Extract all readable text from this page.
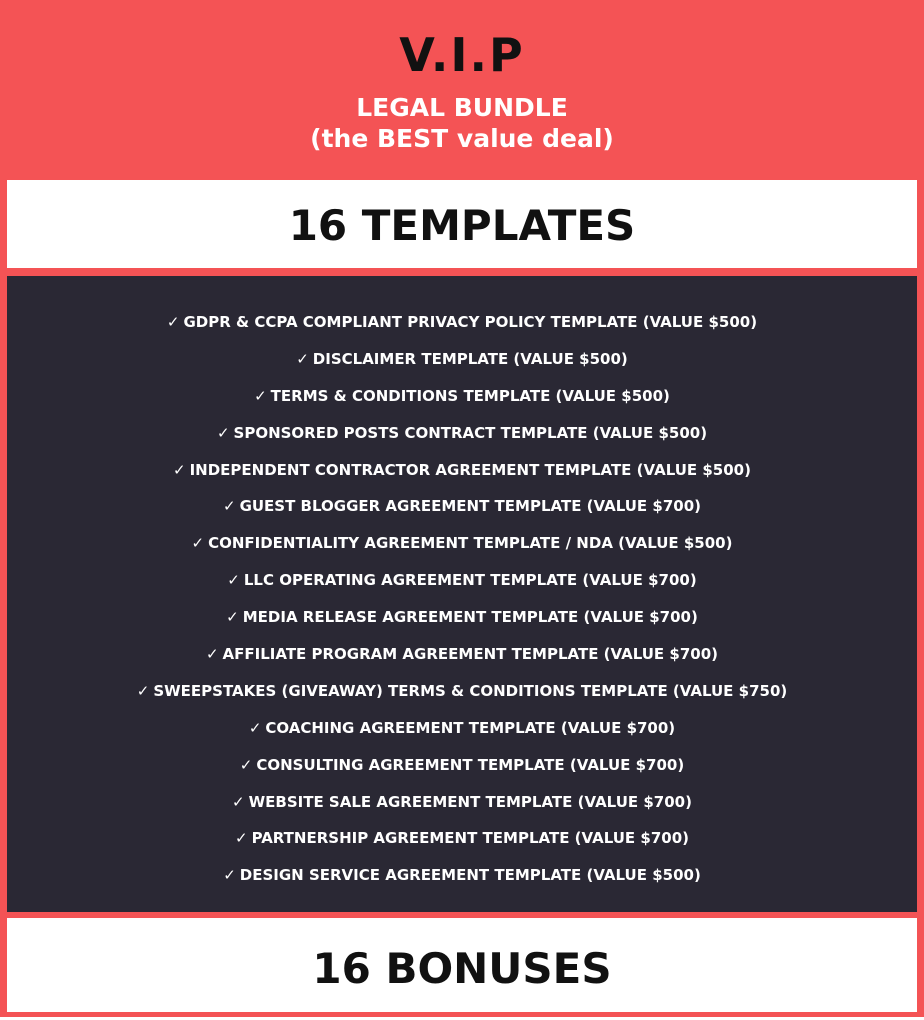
V.I.P
LEGAL BUNDLE
(the BEST value deal)
16 TEMPLATES
✓ GDPR & CCPA COMPLIANT PRIVACY POLICY TEMPLATE (VALUE $500)
✓ DISCLAIMER TEMPLATE (VALUE $500)
✓ TERMS & CONDITIONS TEMPLATE (VALUE $500)
✓ SPONSORED POSTS CONTRACT TEMPLATE (VALUE $500)
✓ INDEPENDENT CONTRACTOR AGREEMENT TEMPLATE (VALUE $500)
✓ GUEST BLOGGER AGREEMENT TEMPLATE (VALUE $700)
✓ CONFIDENTIALITY AGREEMENT TEMPLATE / NDA (VALUE $500)
✓ LLC OPERATING AGREEMENT TEMPLATE (VALUE $700)
✓ MEDIA RELEASE AGREEMENT TEMPLATE (VALUE $700)
✓ AFFILIATE PROGRAM AGREEMENT TEMPLATE (VALUE $700)
✓ SWEEPSTAKES (GIVEAWAY) TERMS & CONDITIONS TEMPLATE (VALUE $750)
✓ COACHING AGREEMENT TEMPLATE (VALUE $700)
✓ CONSULTING AGREEMENT TEMPLATE (VALUE $700)
✓ WEBSITE SALE AGREEMENT TEMPLATE (VALUE $700)
✓ PARTNERSHIP AGREEMENT TEMPLATE (VALUE $700)
✓ DESIGN SERVICE AGREEMENT TEMPLATE (VALUE $500)
16 BONUSES
